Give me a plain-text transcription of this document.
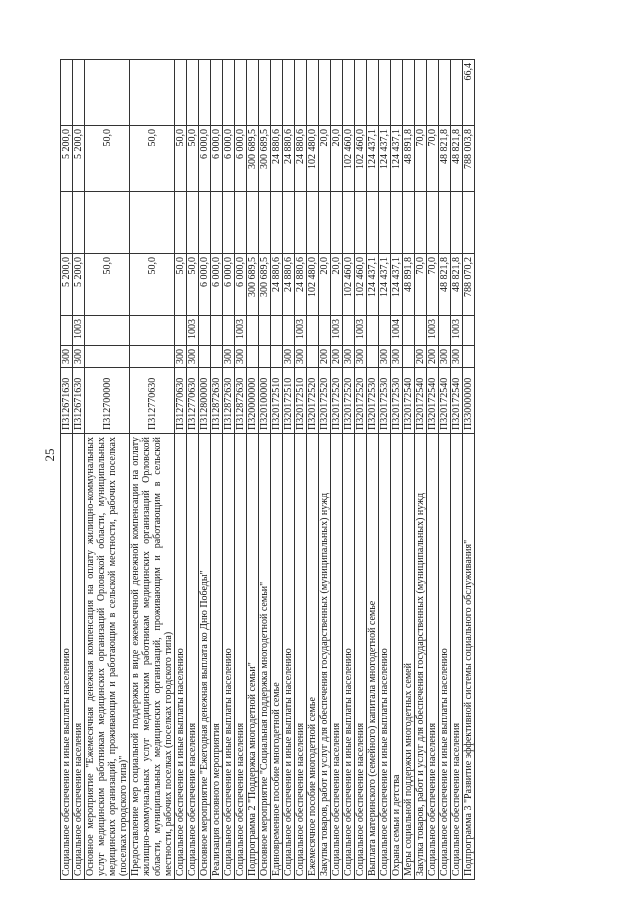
25
Социальное обеспечение и иные выплаты населению	П312671630	300		5 200,0		5 200,0	
Социальное обеспечение населения	П312671630	300	1003	5 200,0		5 200,0	
Основное мероприятие "Ежемесячная денежная компенсация на оплату жилищно-коммунальных услуг медицинским работникам медицинских организаций Орловской области, муниципальных медицинских организаций, проживающим и работающим в сельской местности, рабочих поселках (поселках городского типа)"	П312700000			50,0		50,0	
Предоставление мер социальной поддержки в виде ежемесячной денежной компенсации на оплату жилищно-коммунальных услуг медицинским работникам медицинских организаций Орловской области, муниципальных медицинских организаций, проживающим и работающим в сельской местности, рабочих поселках (поселках городского типа)	П312770630			50,0		50,0	
Социальное обеспечение и иные выплаты населению	П312770630	300		50,0		50,0	
Социальное обеспечение населения	П312770630	300	1003	50,0		50,0	
Основное мероприятие "Ежегодная денежная выплата ко Дню Победы"	П312800000			6 000,0		6 000,0	
Реализация основного мероприятия	П312872630			6 000,0		6 000,0	
Социальное обеспечение и иные выплаты населению	П312872630	300		6 000,0		6 000,0	
Социальное обеспечение населения	П312872630	300	1003	6 000,0		6 000,0	
Подпрограмма 2 "Поддержка многодетной семьи"	П320000000			300 689,5		300 689,5	
Основное мероприятие "Социальная поддержка многодетной семьи"	П320100000			300 689,5		300 689,5	
Единовременное пособие многодетной семье	П320172510			24 880,6		24 880,6	
Социальное обеспечение и иные выплаты населению	П320172510	300		24 880,6		24 880,6	
Социальное обеспечение населения	П320172510	300	1003	24 880,6		24 880,6	
Ежемесячное пособие многодетной семье	П320172520			102 480,0		102 480,0	
Закупка товаров, работ и услуг для обеспечения государственных (муниципальных) нужд	П320172520	200		20,0		20,0	
Социальное обеспечение населения	П320172520	200	1003	20,0		20,0	
Социальное обеспечение и иные выплаты населению	П320172520	300		102 460,0		102 460,0	
Социальное обеспечение населения	П320172520	300	1003	102 460,0		102 460,0	
Выплата материнского (семейного) капитала многодетной семье	П320172530			124 437,1		124 437,1	
Социальное обеспечение и иные выплаты населению	П320172530	300		124 437,1		124 437,1	
Охрана семьи и детства	П320172530	300	1004	124 437,1		124 437,1	
Меры социальной поддержки многодетных семей	П320172540			48 891,8		48 891,8	
Закупка товаров, работ и услуг для обеспечения государственных (муниципальных) нужд	П320172540	200		70,0		70,0	
Социальное обеспечение населения	П320172540	200	1003	70,0		70,0	
Социальное обеспечение и иные выплаты населению	П320172540	300		48 821,8		48 821,8	
Социальное обеспечение населения	П320172540	300	1003	48 821,8		48 821,8	
Подпрограмма 3 "Развитие эффективной системы социального обслуживания"	П330000000			788 070,2		788 003,8	66,4
